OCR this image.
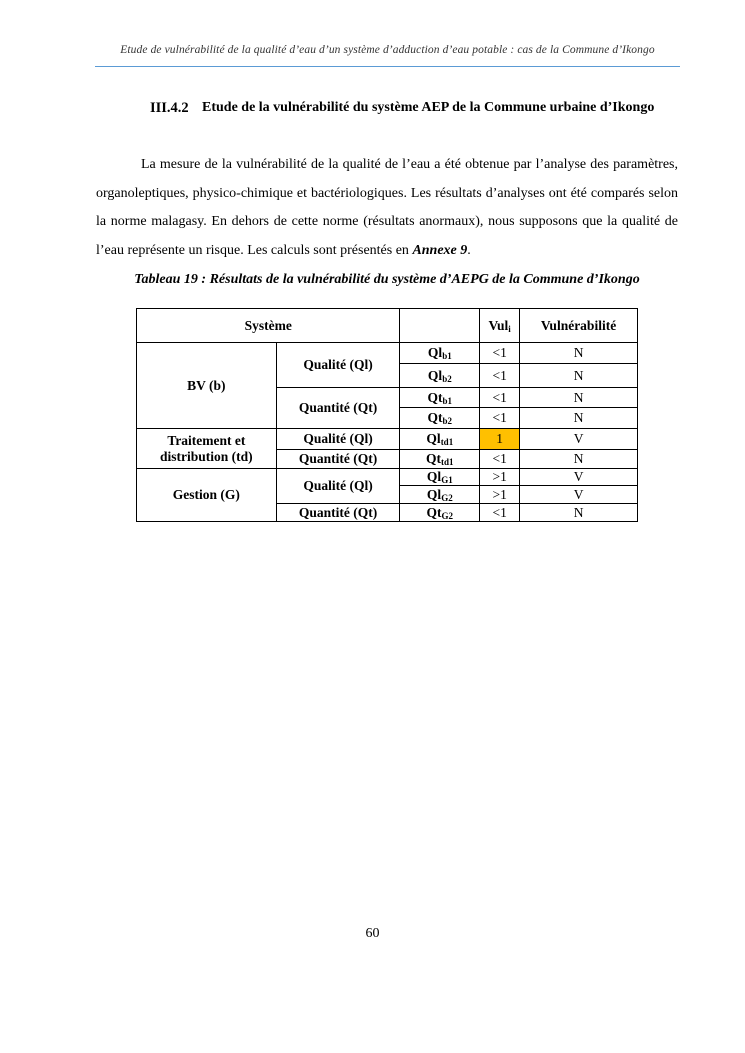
Etude de vulnérabilité de la qualité d’eau d’un système d’adduction d’eau potable : cas de la Commune d’Ikongo
III.4.2 Etude de la vulnérabilité du système AEP de la Commune urbaine d’Ikongo

La mesure de la vulnérabilité de la qualité de l’eau a été obtenue par l’analyse des paramètres, organoleptiques, physico-chimique et bactériologiques. Les résultats d’analyses ont été comparés selon la norme malagasy. En dehors de cette norme (résultats anormaux), nous supposons que la qualité de l’eau représente un risque. Les calculs sont présentés en Annexe 9.

Tableau 19 : Résultats de la vulnérabilité du système d’AEPG de la Commune d’Ikongo
Système			Vul$_i$	Vulnérabilité
BV (b)	Qualité (Ql)	$Ql_{b1}$	<1	N
		$Ql_{b2}$	<1	N
	Quantité (Qt)	$Qt_{b1}$	<1	N
		$Qt_{b2}$	<1	N
Traitement et
distribution (td)	Qualité (Ql)	$Ql_{td1}$	1	V
	Quantité (Qt)	$Qt_{td1}$	<1	N
Gestion (G)	Qualité (Ql)	$Ql_{G1}$	>1	V
		$Ql_{G2}$	>1	V
	Quantité (Qt)	$Qt_{G2}$	<1	N
60
